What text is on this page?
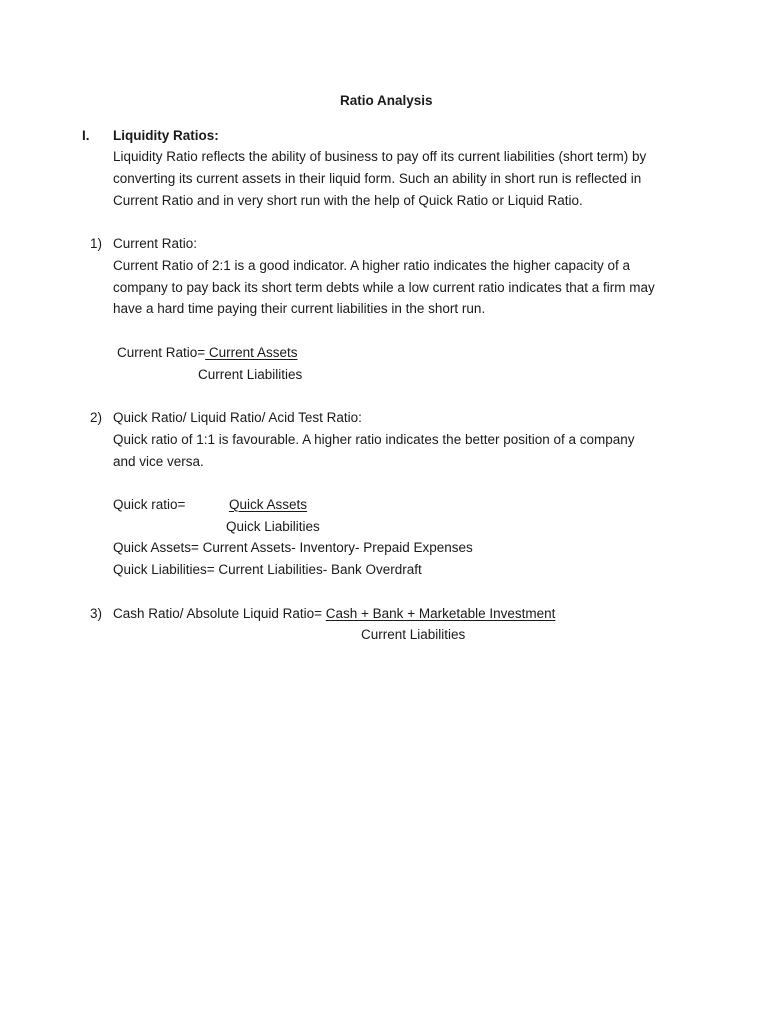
Ratio Analysis
I. Liquidity Ratios:
Liquidity Ratio reflects the ability of business to pay off its current liabilities (short term) by
converting its current assets in their liquid form. Such an ability in short run is reflected in
Current Ratio and in very short run with the help of Quick Ratio or Liquid Ratio.
1) Current Ratio:
Current Ratio of 2:1 is a good indicator. A higher ratio indicates the higher capacity of a
company to pay back its short term debts while a low current ratio indicates that a firm may
have a hard time paying their current liabilities in the short run.
Current Ratio= Current Assets
Current Liabilities
2) Quick Ratio/ Liquid Ratio/ Acid Test Ratio:
Quick ratio of 1:1 is favourable. A higher ratio indicates the better position of a company
and vice versa.
Quick ratio=	Quick Assets
Quick Liabilities
Quick Assets= Current Assets- Inventory- Prepaid Expenses
Quick Liabilities= Current Liabilities- Bank Overdraft
3) Cash Ratio/ Absolute Liquid Ratio= Cash + Bank + Marketable Investment
Current Liabilities
